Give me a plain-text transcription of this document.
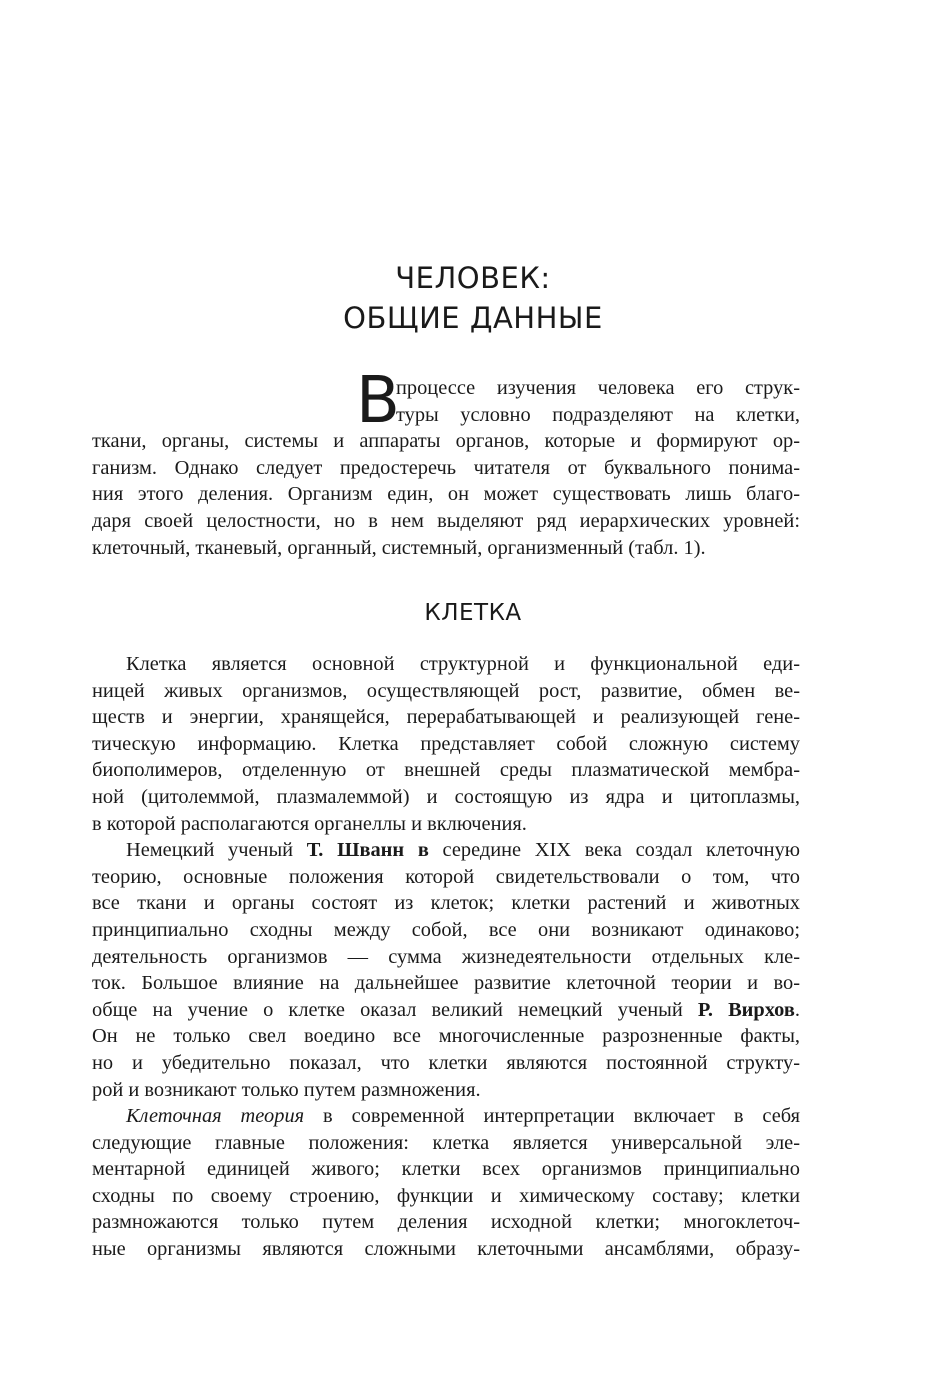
ЧЕЛОВЕК:
ОБЩИЕ ДАННЫЕ
В
процессе изучения человека его струк-
туры условно подразделяют на клетки,
ткани, органы, системы и аппараты органов, которые и формируют ор-
ганизм. Однако следует предостеречь читателя от буквального понима-
ния этого деления. Организм един, он может существовать лишь благо-
даря своей целостности, но в нем выделяют ряд иерархических уровней:
клеточный, тканевый, органный, системный, организменный (табл. 1).
КЛЕТКА
Клетка является основной структурной и функциональной еди-
ницей живых организмов, осуществляющей рост, развитие, обмен ве-
ществ и энергии, хранящейся, перерабатывающей и реализующей гене-
тическую информацию. Клетка представляет собой сложную систему
биополимеров, отделенную от внешней среды плазматической мембра-
ной (цитолеммой, плазмалеммой) и состоящую из ядра и цитоплазмы,
в которой располагаются органеллы и включения.
Немецкий ученый Т. Шванн в середине XIX века создал клеточную
теорию, основные положения которой свидетельствовали о том, что
все ткани и органы состоят из клеток; клетки растений и животных
принципиально сходны между собой, все они возникают одинаково;
деятельность организмов — сумма жизнедеятельности отдельных кле-
ток. Большое влияние на дальнейшее развитие клеточной теории и во-
обще на учение о клетке оказал великий немецкий ученый Р. Вирхов.
Он не только свел воедино все многочисленные разрозненные факты,
но и убедительно показал, что клетки являются постоянной структу-
рой и возникают только путем размножения.
Клеточная теория в современной интерпретации включает в себя
следующие главные положения: клетка является универсальной эле-
ментарной единицей живого; клетки всех организмов принципиально
сходны по своему строению, функции и химическому составу; клетки
размножаются только путем деления исходной клетки; многоклеточ-
ные организмы являются сложными клеточными ансамблями, образу-
